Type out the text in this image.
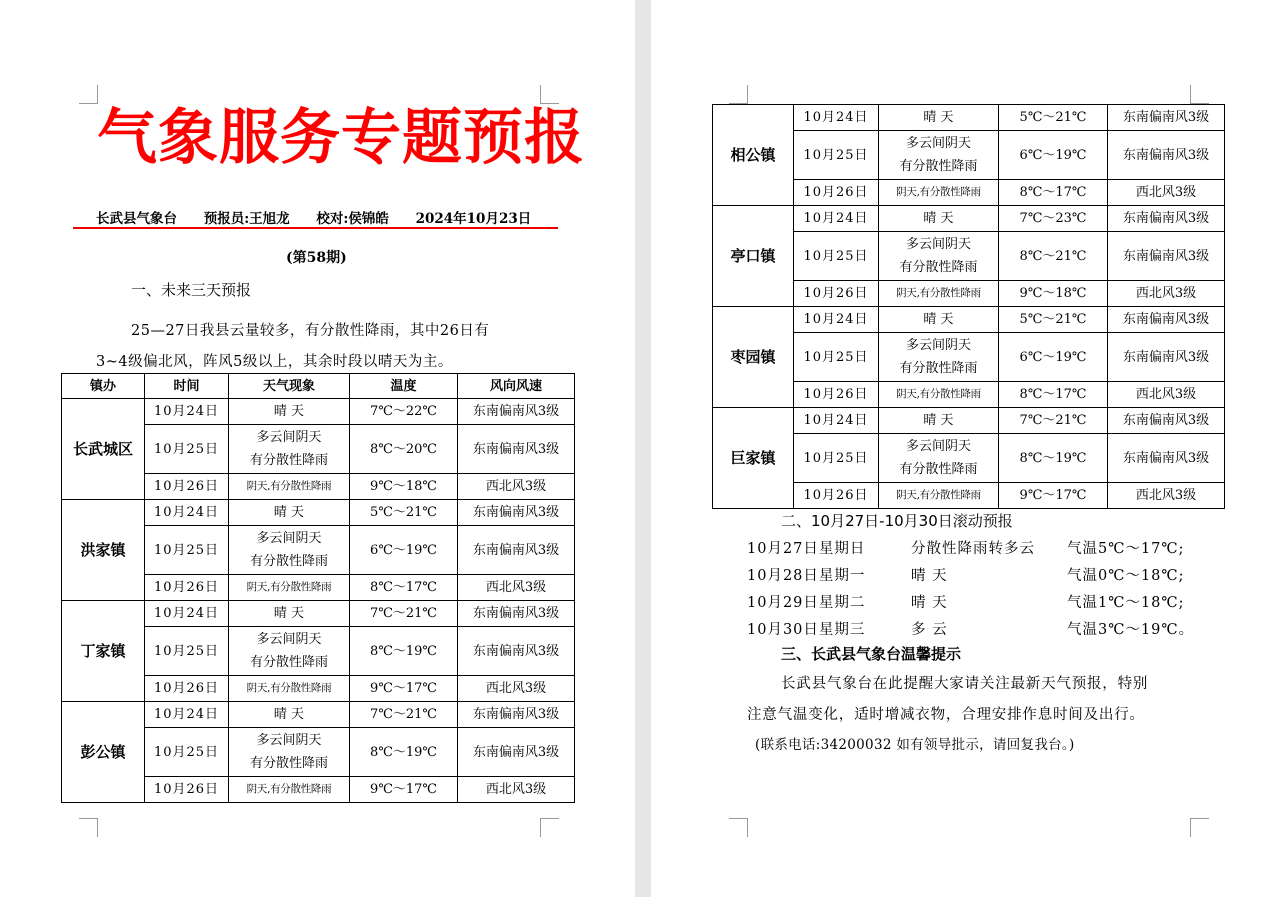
气象服务专题预报
长武县气象台 预报员:王旭龙 校对:侯锦皓 2024年10月23日
(第58期)
一、未来三天预报
25—27日我县云量较多，有分散性降雨，其中26日有
3~4级偏北风，阵风5级以上，其余时段以晴天为主。
镇办	时间	天气现象	温度	风向风速
长武城区	10月24日	晴 天	7℃～22℃	东南偏南风3级
	10月25日	多云间阴天
有分散性降雨	8℃～20℃	东南偏南风3级
	10月26日	阴天,有分散性降雨	9℃～18℃	西北风3级
洪家镇	10月24日	晴 天	5℃～21℃	东南偏南风3级
	10月25日	多云间阴天
有分散性降雨	6℃～19℃	东南偏南风3级
	10月26日	阴天,有分散性降雨	8℃～17℃	西北风3级
丁家镇	10月24日	晴 天	7℃～21℃	东南偏南风3级
	10月25日	多云间阴天
有分散性降雨	8℃～19℃	东南偏南风3级
	10月26日	阴天,有分散性降雨	9℃～17℃	西北风3级
彭公镇	10月24日	晴 天	7℃～21℃	东南偏南风3级
	10月25日	多云间阴天
有分散性降雨	8℃～19℃	东南偏南风3级
	10月26日	阴天,有分散性降雨	9℃～17℃	西北风3级
相公镇	10月24日	晴 天	5℃～21℃	东南偏南风3级
	10月25日	多云间阴天
有分散性降雨	6℃～19℃	东南偏南风3级
	10月26日	阴天,有分散性降雨	8℃～17℃	西北风3级
亭口镇	10月24日	晴 天	7℃～23℃	东南偏南风3级
	10月25日	多云间阴天
有分散性降雨	8℃～21℃	东南偏南风3级
	10月26日	阴天,有分散性降雨	9℃～18℃	西北风3级
枣园镇	10月24日	晴 天	5℃～21℃	东南偏南风3级
	10月25日	多云间阴天
有分散性降雨	6℃～19℃	东南偏南风3级
	10月26日	阴天,有分散性降雨	8℃～17℃	西北风3级
巨家镇	10月24日	晴 天	7℃～21℃	东南偏南风3级
	10月25日	多云间阴天
有分散性降雨	8℃～19℃	东南偏南风3级
	10月26日	阴天,有分散性降雨	9℃～17℃	西北风3级
二、10月27日-10月30日滚动预报
10月27日星期日	分散性降雨转多云 气温5℃～17℃;
10月28日星期一	晴 天	气温0℃～18℃;
10月29日星期二	晴 天	气温1℃～18℃;
10月30日星期三	多 云	气温3℃～19℃。
三、长武县气象台温馨提示
长武县气象台在此提醒大家请关注最新天气预报，特别
注意气温变化，适时增减衣物，合理安排作息时间及出行。
(联系电话:34200032 如有领导批示，请回复我台。)
